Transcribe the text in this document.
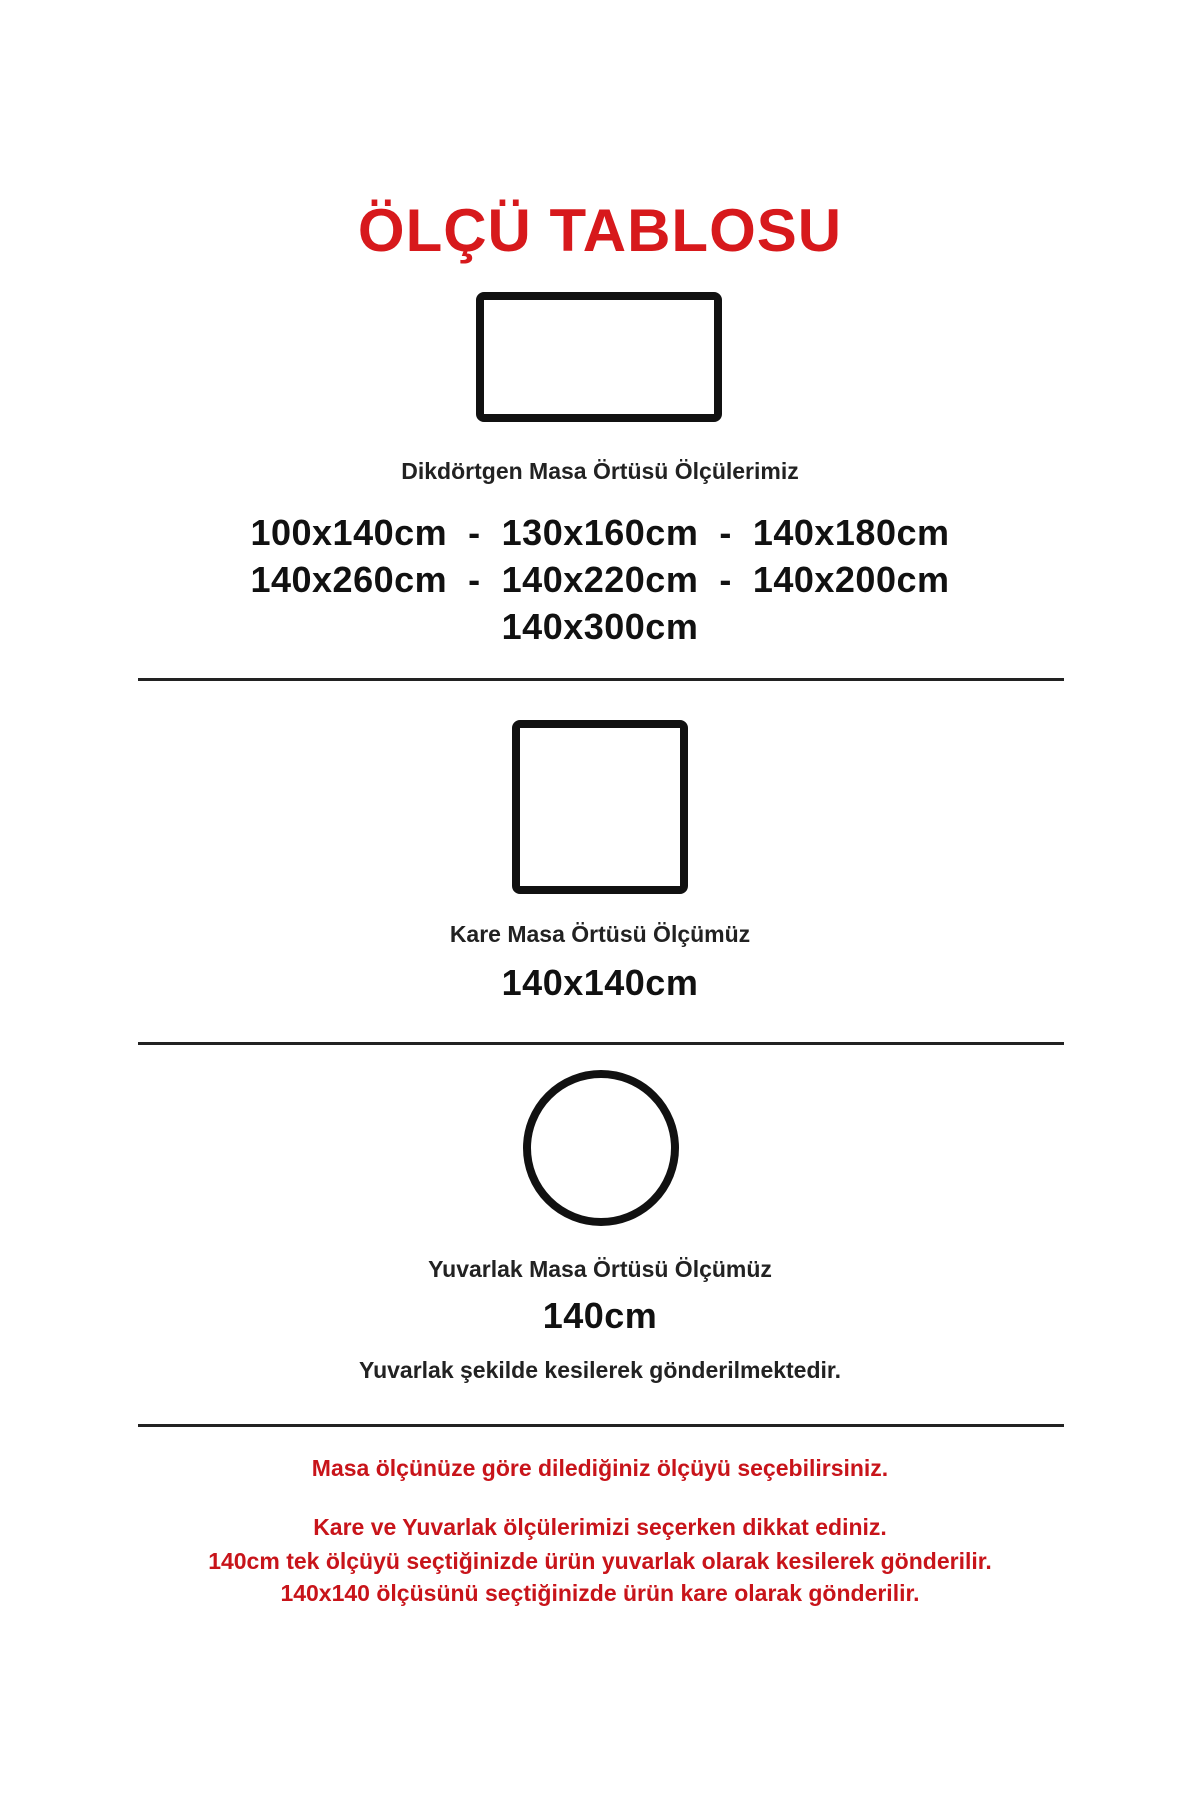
ÖLÇÜ TABLOSU
Dikdörtgen Masa Örtüsü Ölçülerimiz
100x140cm  -  130x160cm  -  140x180cm
140x260cm  -  140x220cm  -  140x200cm
140x300cm
Kare Masa Örtüsü Ölçümüz
140x140cm
Yuvarlak Masa Örtüsü Ölçümüz
140cm
Yuvarlak şekilde kesilerek gönderilmektedir.
Masa ölçünüze göre dilediğiniz ölçüyü seçebilirsiniz.
Kare ve Yuvarlak ölçülerimizi seçerken dikkat ediniz.
140cm tek ölçüyü seçtiğinizde ürün yuvarlak olarak kesilerek gönderilir.
140x140 ölçüsünü seçtiğinizde ürün kare olarak gönderilir.
